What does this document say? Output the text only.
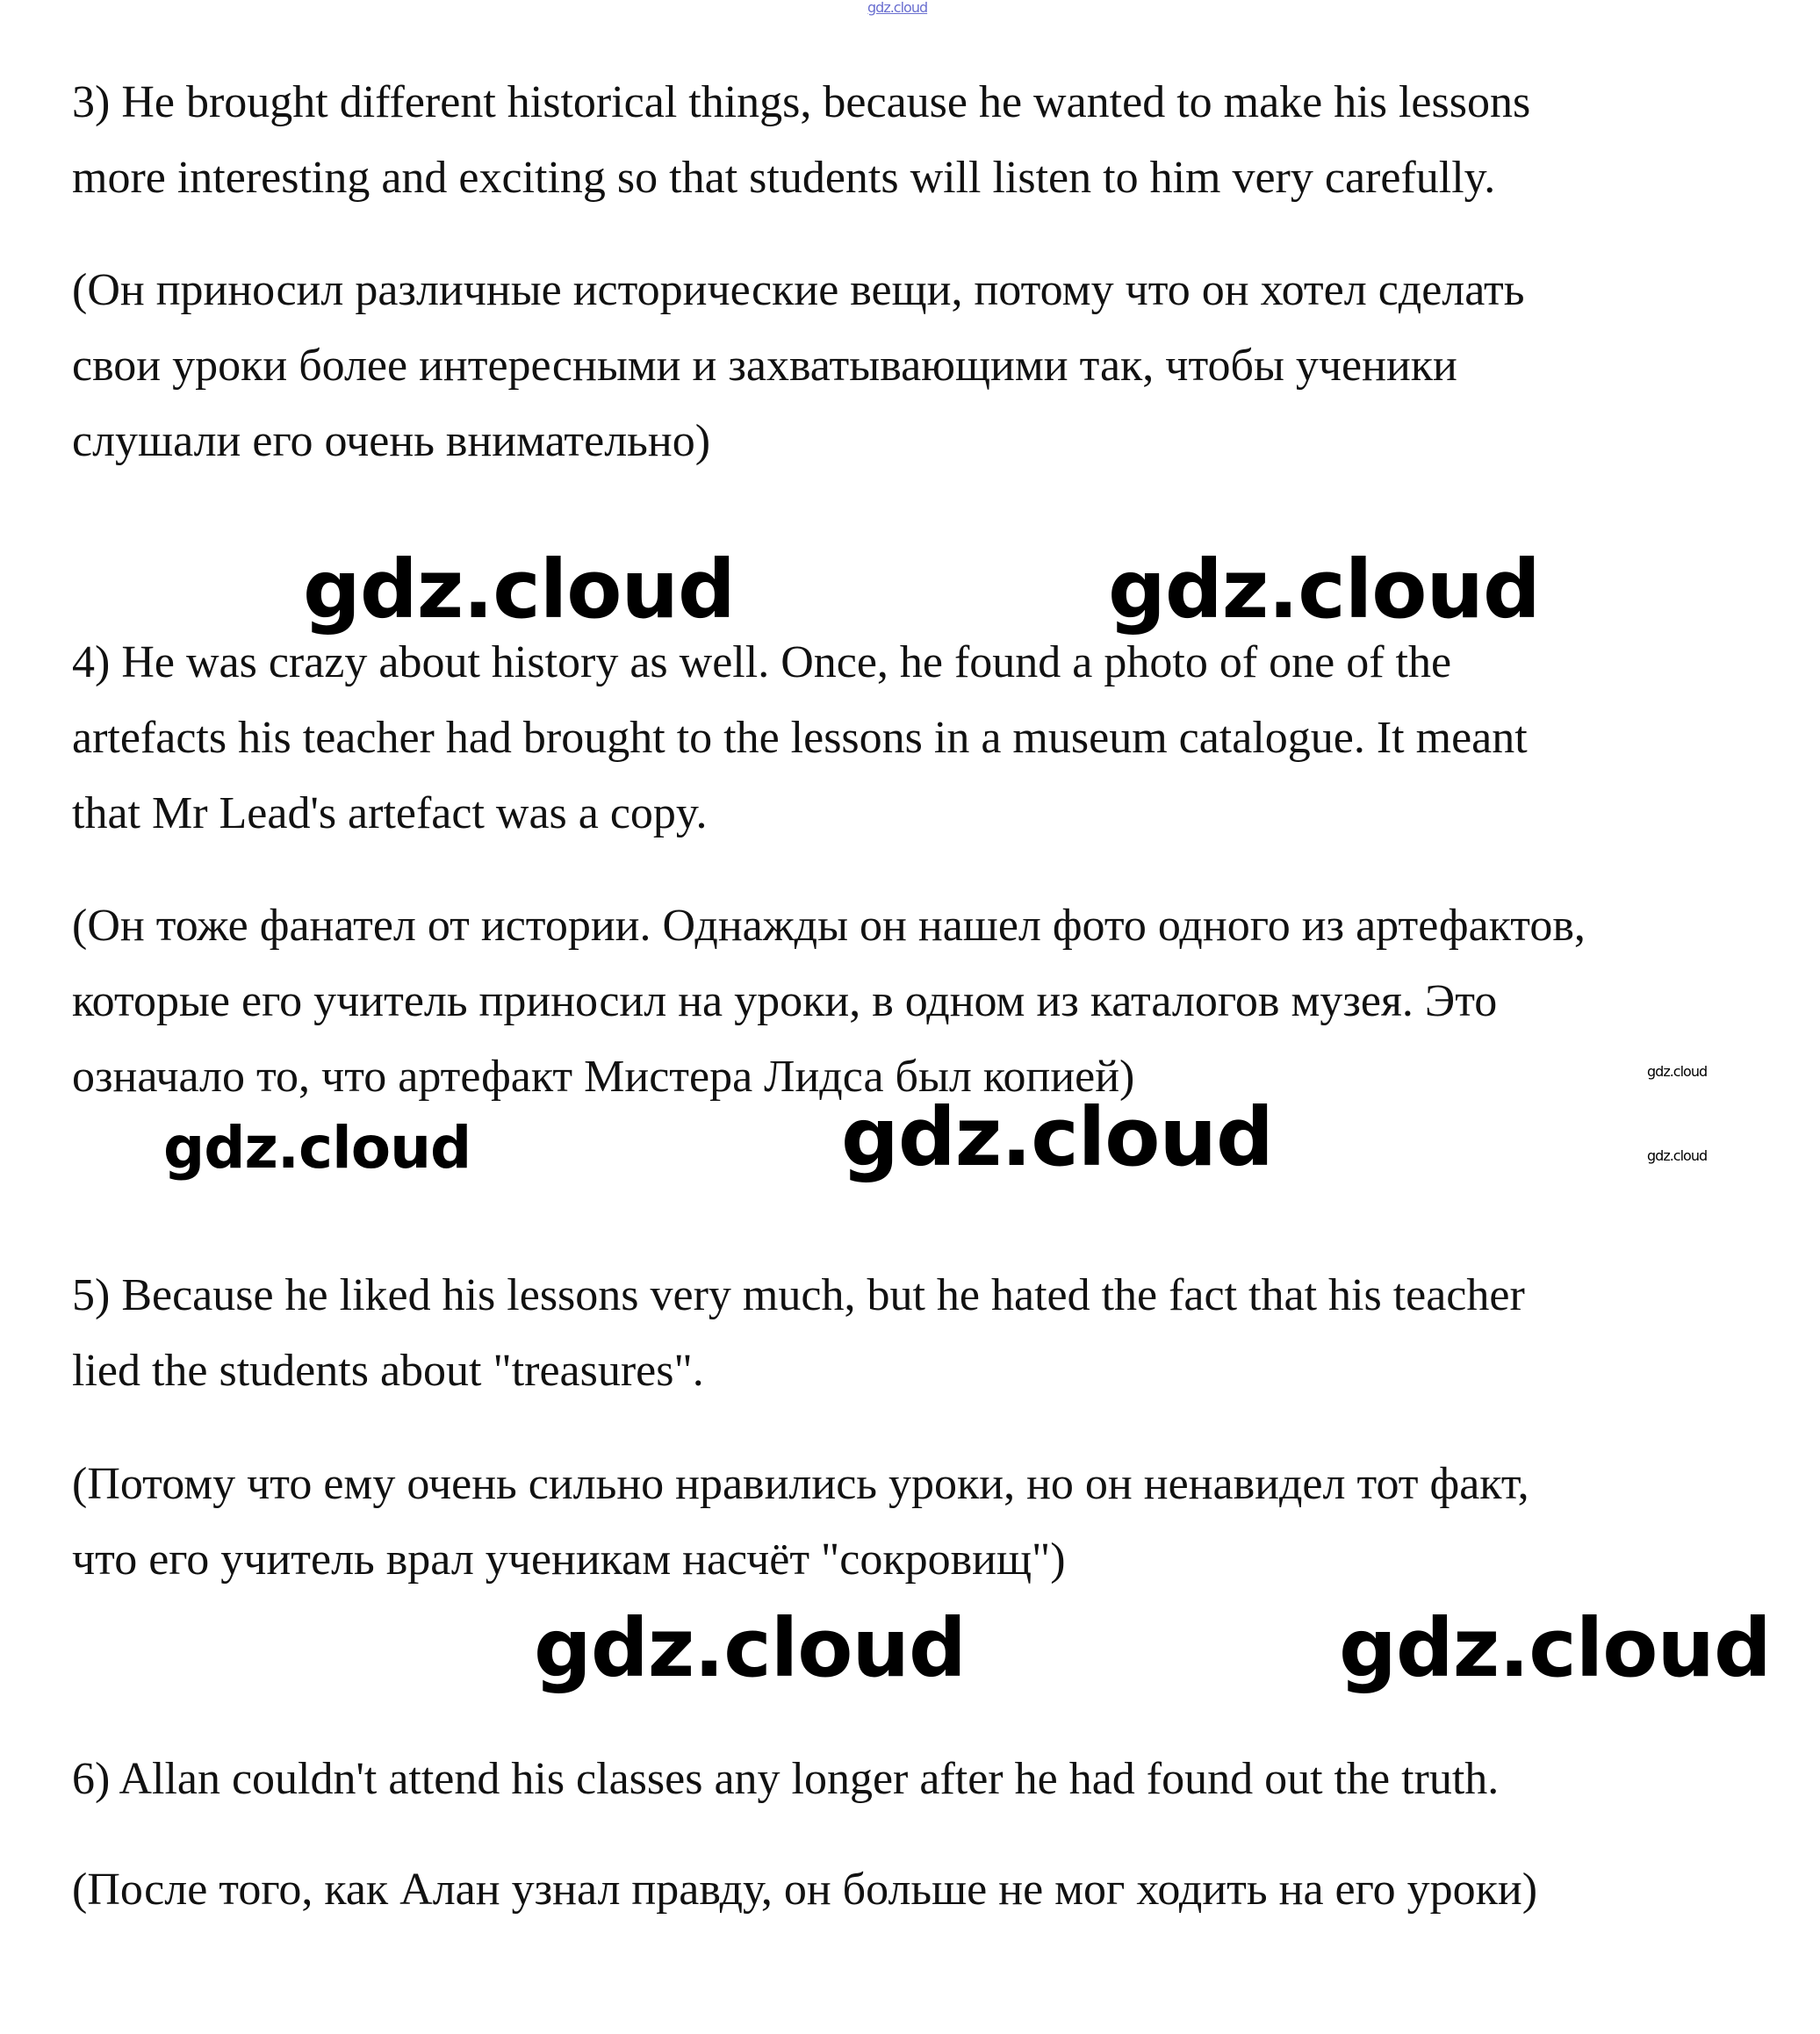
gdz.cloud

3) He brought different historical things, because he wanted to make his lessons
more interesting and exciting so that students will listen to him very carefully.

(Он приносил различные исторические вещи, потому что он хотел сделать
свои уроки более интересными и захватывающими так, чтобы ученики
слушали его очень внимательно)

gdz.cloud	gdz.cloud

4) He was crazy about history as well. Once, he found a photo of one of the
artefacts his teacher had brought to the lessons in a museum catalogue. It meant
that Mr Lead's artefact was a copy.

(Он тоже фанател от истории. Однажды он нашел фото одного из артефактов,
которые его учитель приносил на уроки, в одном из каталогов музея. Это
означало то, что артефакт Мистера Лидса был копией)	gdz.cloud
gdz.cloud	gdz.cloud	gdz.cloud

5) Because he liked his lessons very much, but he hated the fact that his teacher
lied the students about "treasures".

(Потому что ему очень сильно нравились уроки, но он ненавидел тот факт,
что его учитель врал ученикам насчёт "сокровищ")

gdz.cloud	gdz.cloud

6) Allan couldn't attend his classes any longer after he had found out the truth.

(После того, как Алан узнал правду, он больше не мог ходить на его уроки)
